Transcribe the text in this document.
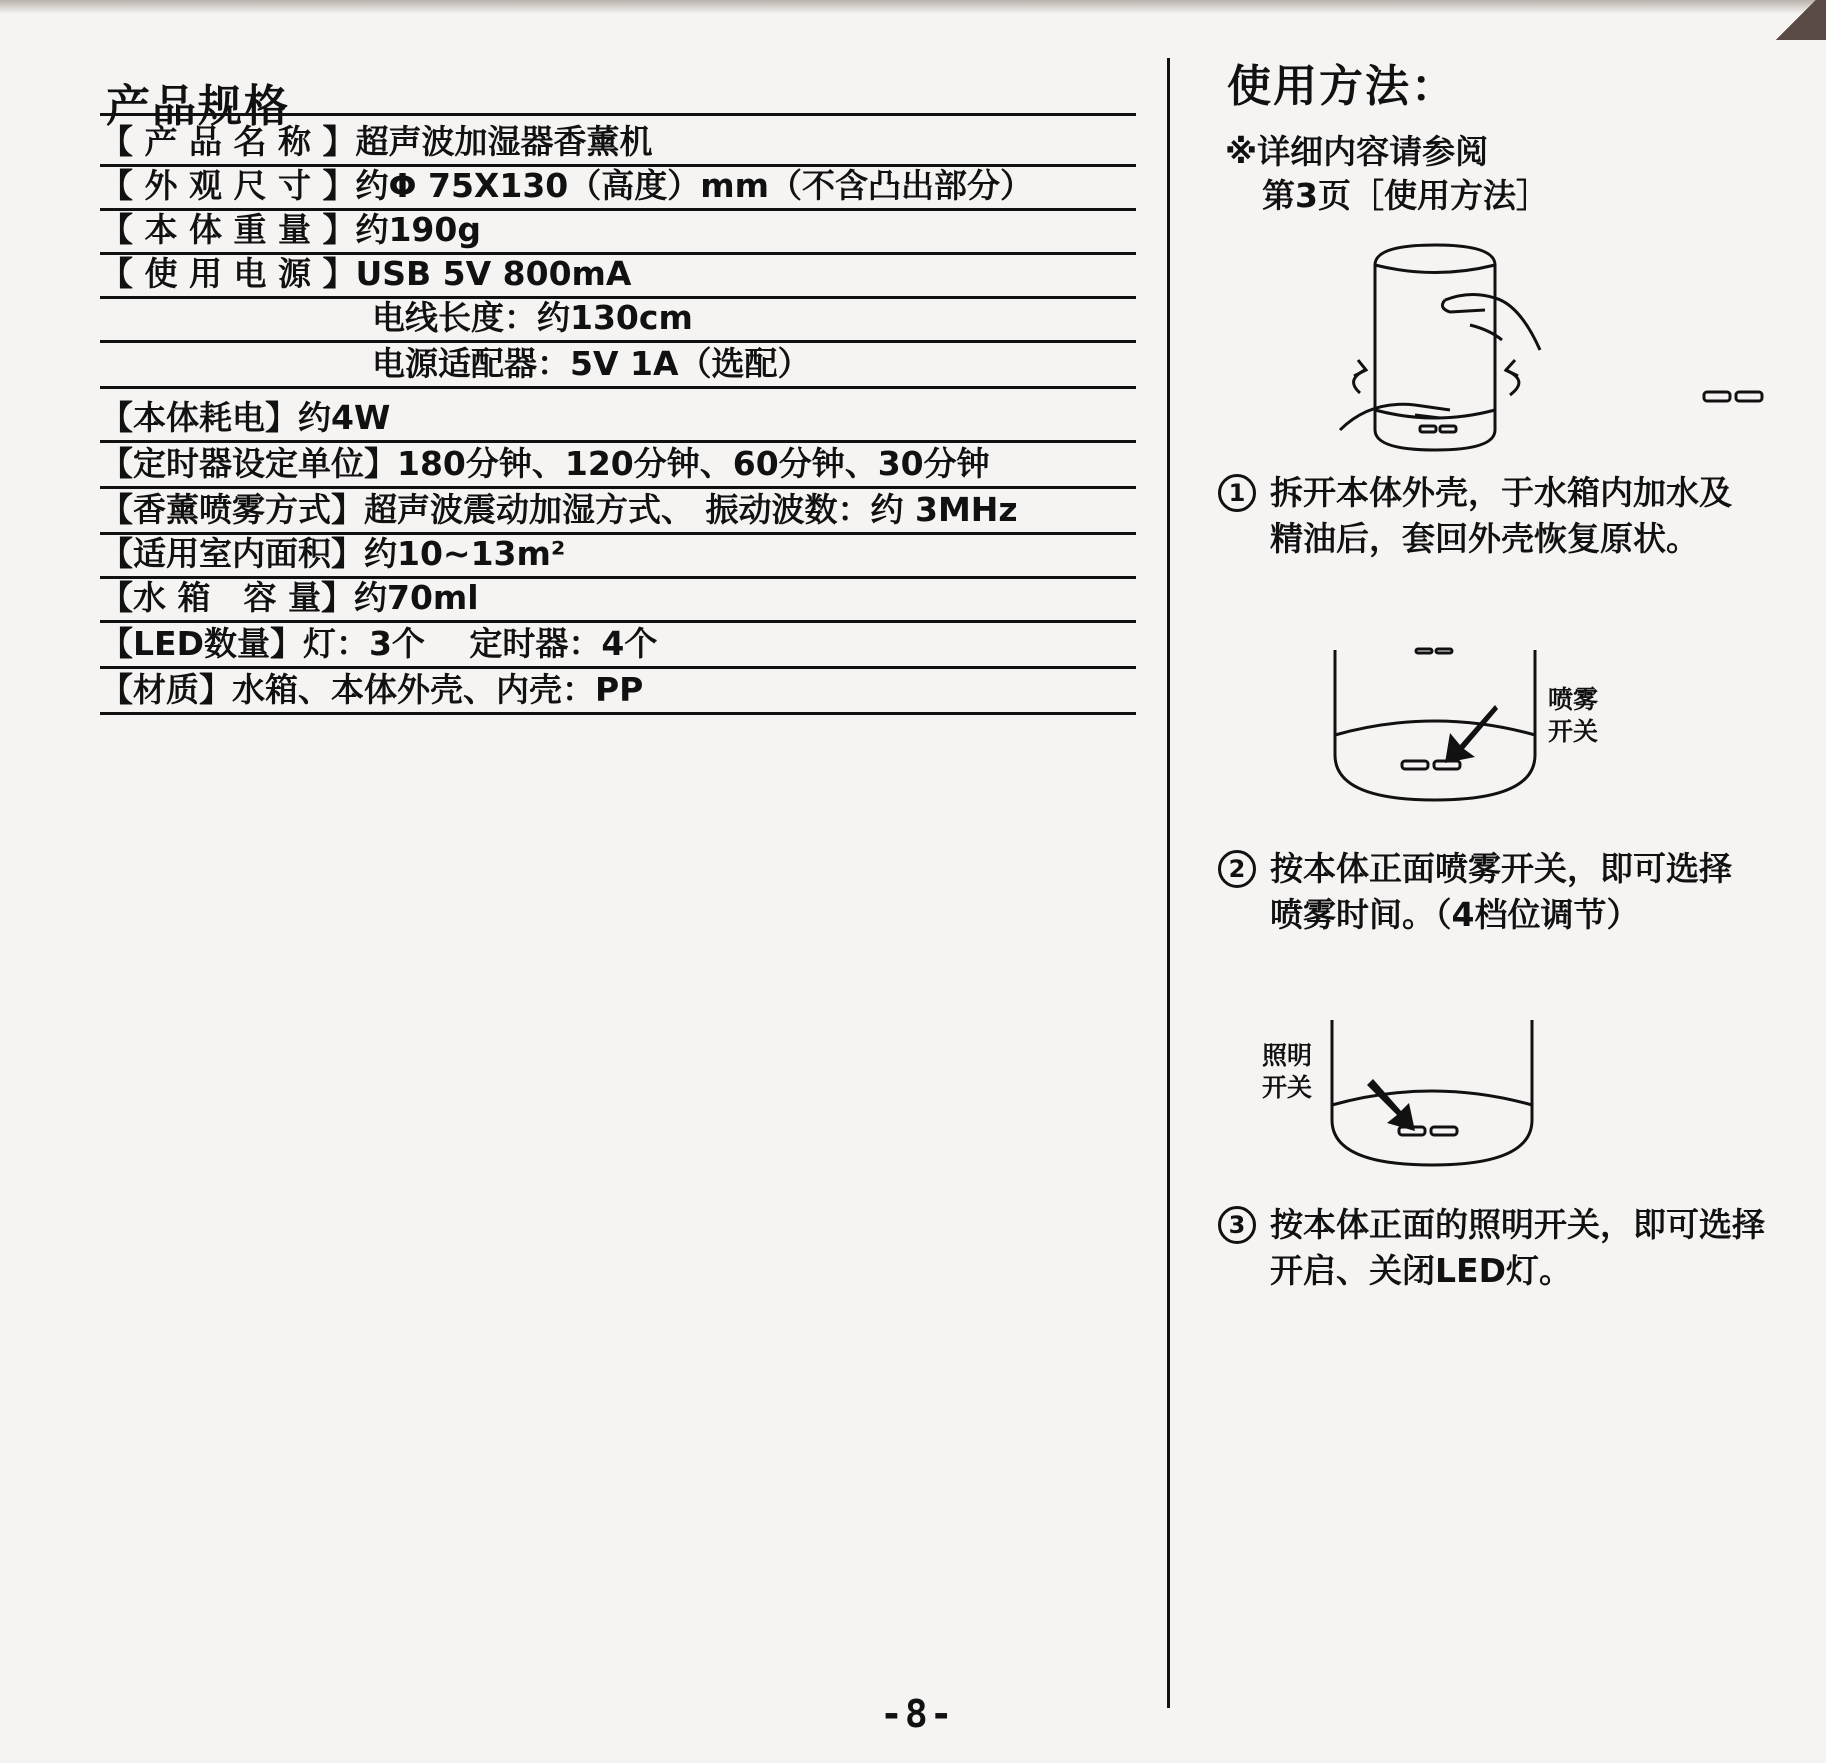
产品规格
【 产 品 名 称 】超声波加湿器香薰机
【 外 观 尺 寸 】约Φ 75X130（高度）mm（不含凸出部分）
【 本 体 重 量 】约190g
【 使 用 电 源 】USB 5V 800mA
电线长度：约130cm
电源适配器：5V 1A（选配）
【本体耗电】约4W
【定时器设定单位】180分钟、120分钟、60分钟、30分钟
【香薰喷雾方式】超声波震动加湿方式、 振动波数：约 3MHz
【适用室内面积】约10~13m²
【水 箱　容 量】约70ml
【LED数量】灯：3个　 定时器：4个
【材质】水箱、本体外壳、内壳：PP
使用方法：
※详细内容请参阅
第3页［使用方法］
1 拆开本体外壳，于水箱内加水及
精油后，套回外壳恢复原状。
喷雾
开关
2 按本体正面喷雾开关，即可选择
喷雾时间。（4档位调节）
照明
开关
3 按本体正面的照明开关，即可选择
开启、关闭LED灯。
-8-
